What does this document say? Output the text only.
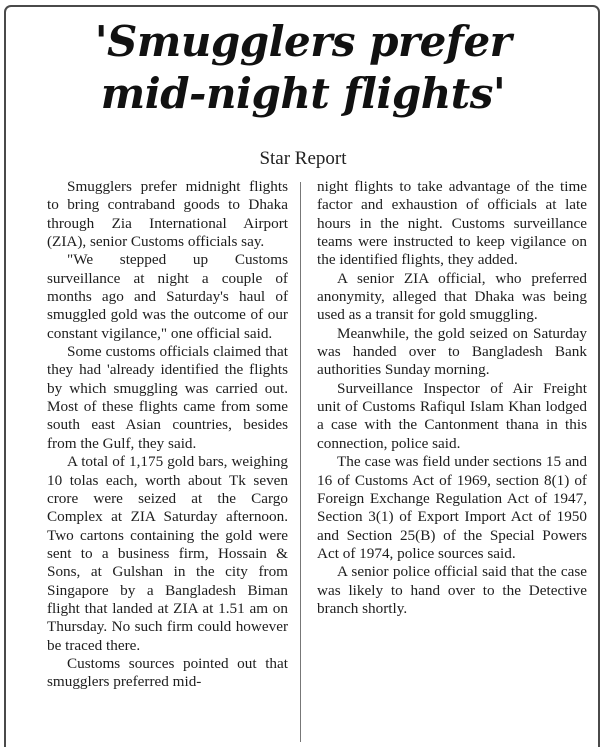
'Smugglers prefer
mid-night flights'
Star Report

Smugglers prefer midnight flights to bring contraband goods to Dhaka through Zia International Airport (ZIA), senior Customs officials say.

"We stepped up Customs surveillance at night a couple of months ago and Saturday's haul of smuggled gold was the outcome of our constant vigilance," one official said.

Some customs officials claimed that they had 'already identified the flights by which smuggling was carried out. Most of these flights came from some south east Asian countries, besides from the Gulf, they said.

A total of 1,175 gold bars, weighing 10 tolas each, worth about Tk seven crore were seized at the Cargo Complex at ZIA Saturday afternoon. Two cartons containing the gold were sent to a business firm, Hossain & Sons, at Gulshan in the city from Singapore by a Bangladesh Biman flight that landed at ZIA at 1.51 am on Thursday. No such firm could however be traced there.

Customs sources pointed out that smugglers preferred mid-

night flights to take advantage of the time factor and exhaustion of officials at late hours in the night. Customs surveillance teams were instructed to keep vigilance on the identified flights, they added.

A senior ZIA official, who preferred anonymity, alleged that Dhaka was being used as a transit for gold smuggling.

Meanwhile, the gold seized on Saturday was handed over to Bangladesh Bank authorities Sunday morning.

Surveillance Inspector of Air Freight unit of Customs Rafiqul Islam Khan lodged a case with the Cantonment thana in this connection, police said.

The case was field under sections 15 and 16 of Customs Act of 1969, section 8(1) of Foreign Exchange Regulation Act of 1947, Section 3(1) of Export Import Act of 1950 and Section 25(B) of the Special Powers Act of 1974, police sources said.

A senior police official said that the case was likely to hand over to the Detective branch shortly.
